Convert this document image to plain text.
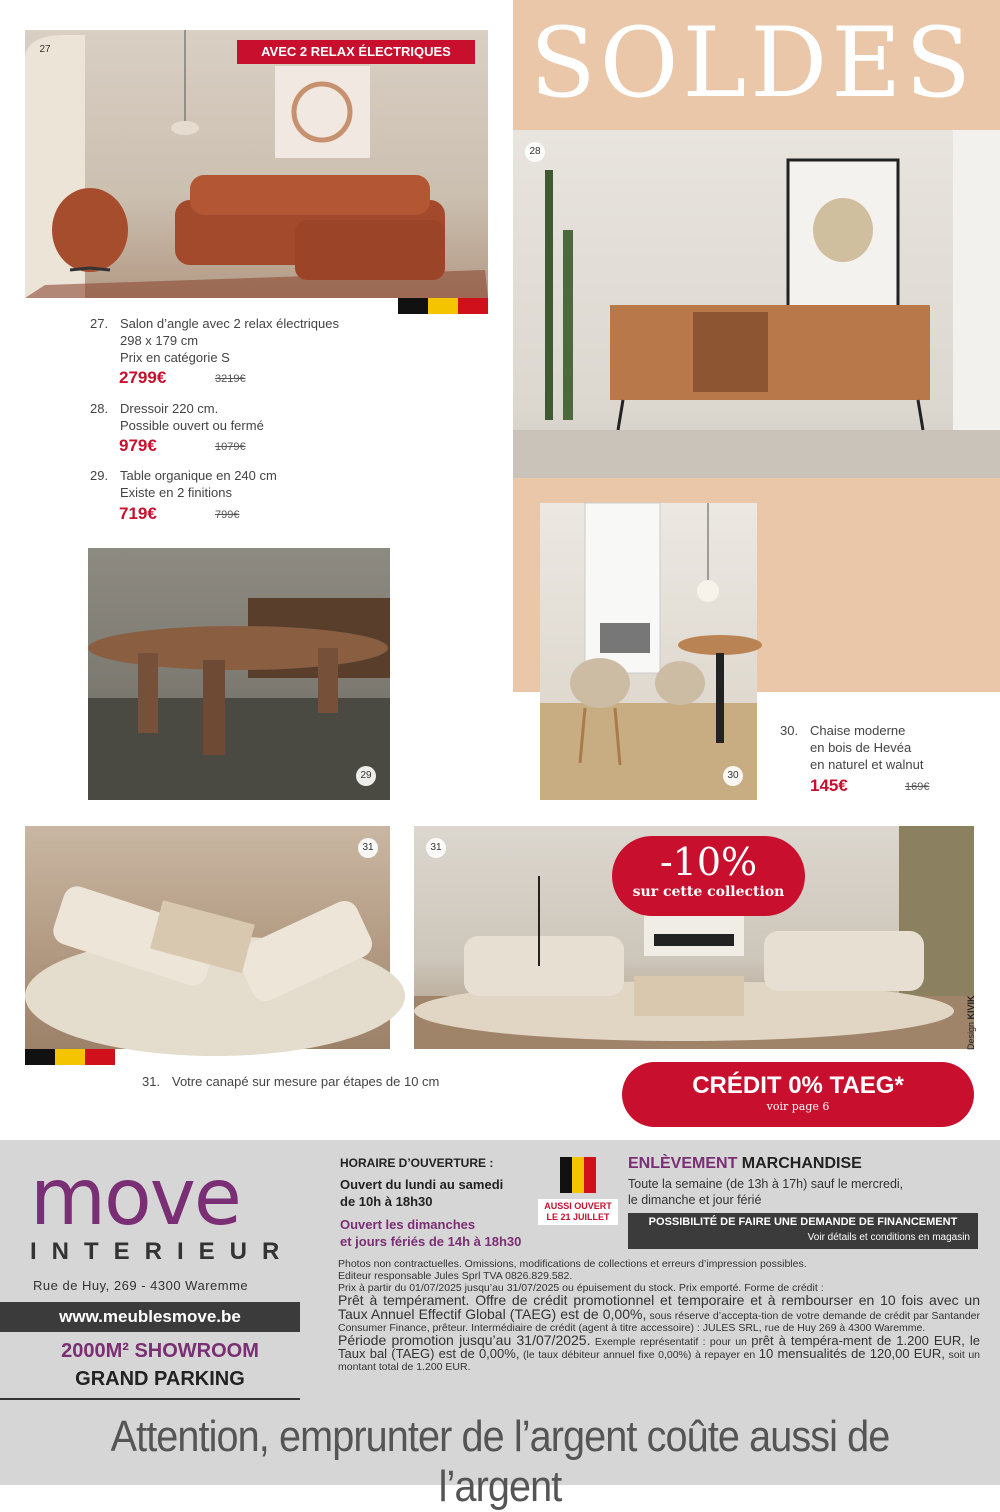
SOLDES
27	AVEC 2 RELAX ÉLECTRIQUES
28
27. Salon d’angle avec 2 relax électriques
298 x 179 cm
Prix en catégorie S
2799€	3219€
28. Dressoir 220 cm.
Possible ouvert ou fermé
979€	1079€
29. Table organique en 240 cm
Existe en 2 finitions
719€	799€
29	30
30. Chaise moderne
en bois de Hevéa
en naturel et walnut
145€	169€
31	31	-10%
sur cette collection
Design KIVIK
31. Votre canapé sur mesure par étapes de 10 cm	CRÉDIT 0% TAEG*
voir page 6
move
INTERIEUR
Rue de Huy, 269 - 4300 Waremme
www.meublesmove.be
2000M² SHOWROOM
GRAND PARKING
HORAIRE D’OUVERTURE :
Ouvert du lundi au samedi
de 10h à 18h30
Ouvert les dimanches
et jours fériés de 14h à 18h30
AUSSI OUVERT
LE 21 JUILLET
ENLÈVEMENT MARCHANDISE
Toute la semaine (de 13h à 17h) sauf le mercredi,
le dimanche et jour férié
POSSIBILITÉ DE FAIRE UNE DEMANDE DE FINANCEMENT
Voir détails et conditions en magasin
Photos non contractuelles. Omissions, modifications de collections et erreurs d’impression possibles.
Editeur responsable Jules Sprl TVA 0826.829.582.
Prix à partir du 01/07/2025 jusqu’au 31/07/2025 ou épuisement du stock. Prix emporté. Forme de crédit :
Prêt à tempérament. Offre de crédit promotionnel et temporaire et à rembourser en 10 fois avec un Taux Annuel Effectif Global (TAEG) est de 0,00%, sous réserve d’accepta-tion de votre demande de crédit par Santander Consumer Finance, prêteur. Intermédiaire de crédit (agent à titre accessoire) : JULES SRL, rue de Huy 269 à 4300 Waremme.
Période promotion jusqu’au 31/07/2025. Exemple représentatif : pour un prêt à tempéra-ment de 1.200 EUR, le Taux bal (TAEG) est de 0,00%, (le taux débiteur annuel fixe 0,00%) à repayer en 10 mensualités de 120,00 EUR, soit un montant total de 1.200 EUR.
Attention, emprunter de l’argent coûte aussi de l’argent
